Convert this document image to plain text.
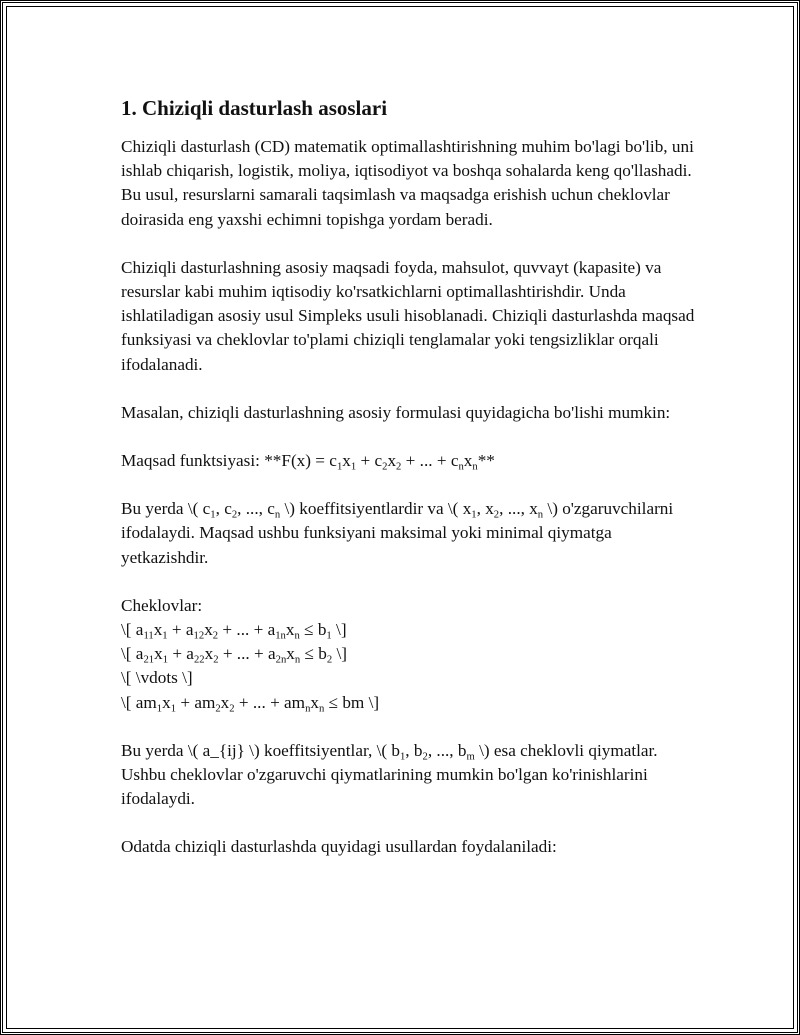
1. Chiziqli dasturlash asoslari

Chiziqli dasturlash (CD) matematik optimallashtirishning muhim bo'lagi bo'lib, uni ishlab chiqarish, logistik, moliya, iqtisodiyot va boshqa sohalarda keng qo'llashadi. Bu usul, resurslarni samarali taqsimlash va maqsadga erishish uchun cheklovlar doirasida eng yaxshi echimni topishga yordam beradi.

Chiziqli dasturlashning asosiy maqsadi foyda, mahsulot, quvvayt (kapasite) va resurslar kabi muhim iqtisodiy ko'rsatkichlarni optimallashtirishdir. Unda ishlatiladigan asosiy usul Simpleks usuli hisoblanadi. Chiziqli dasturlashda maqsad funksiyasi va cheklovlar to'plami chiziqli tenglamalar yoki tengsizliklar orqali ifodalanadi.

Masalan, chiziqli dasturlashning asosiy formulasi quyidagicha bo'lishi mumkin:

Maqsad funktsiyasi: $**F(x) = c_1x_1 + c_2x_2$ + ... + $c_nx_n**$

Bu yerda \( $c_1$, $c_2$, ..., $c_n$ \) koeffitsiyentlardir va \( $x_1$, $x_2$, ..., $x_n$ \) o'zgaruvchilarni ifodalaydi. Maqsad ushbu funksiyani maksimal yoki minimal qiymatga yetkazishdir.

Cheklovlar:
\[ $a_{11}x_1 + a_{12}x_2$ + ... + $a_{1n}x_n \le b_1$ \]
\[ $a_{21}x_1 + a_{22}x_2$ + ... + $a_{2n}x_n \le b_2$ \]
\[ \vdots \]
\[ $am_1x_1 + am_2x_2$ + ... + $am_nx_n$ ≤ bm \]

Bu yerda \( a_{ij} \) koeffitsiyentlar, \( $b_1$, $b_2$, ..., $b_m$ \) esa cheklovli qiymatlar. Ushbu cheklovlar o'zgaruvchi qiymatlarining mumkin bo'lgan ko'rinishlarini ifodalaydi.

Odatda chiziqli dasturlashda quyidagi usullardan foydalaniladi:
